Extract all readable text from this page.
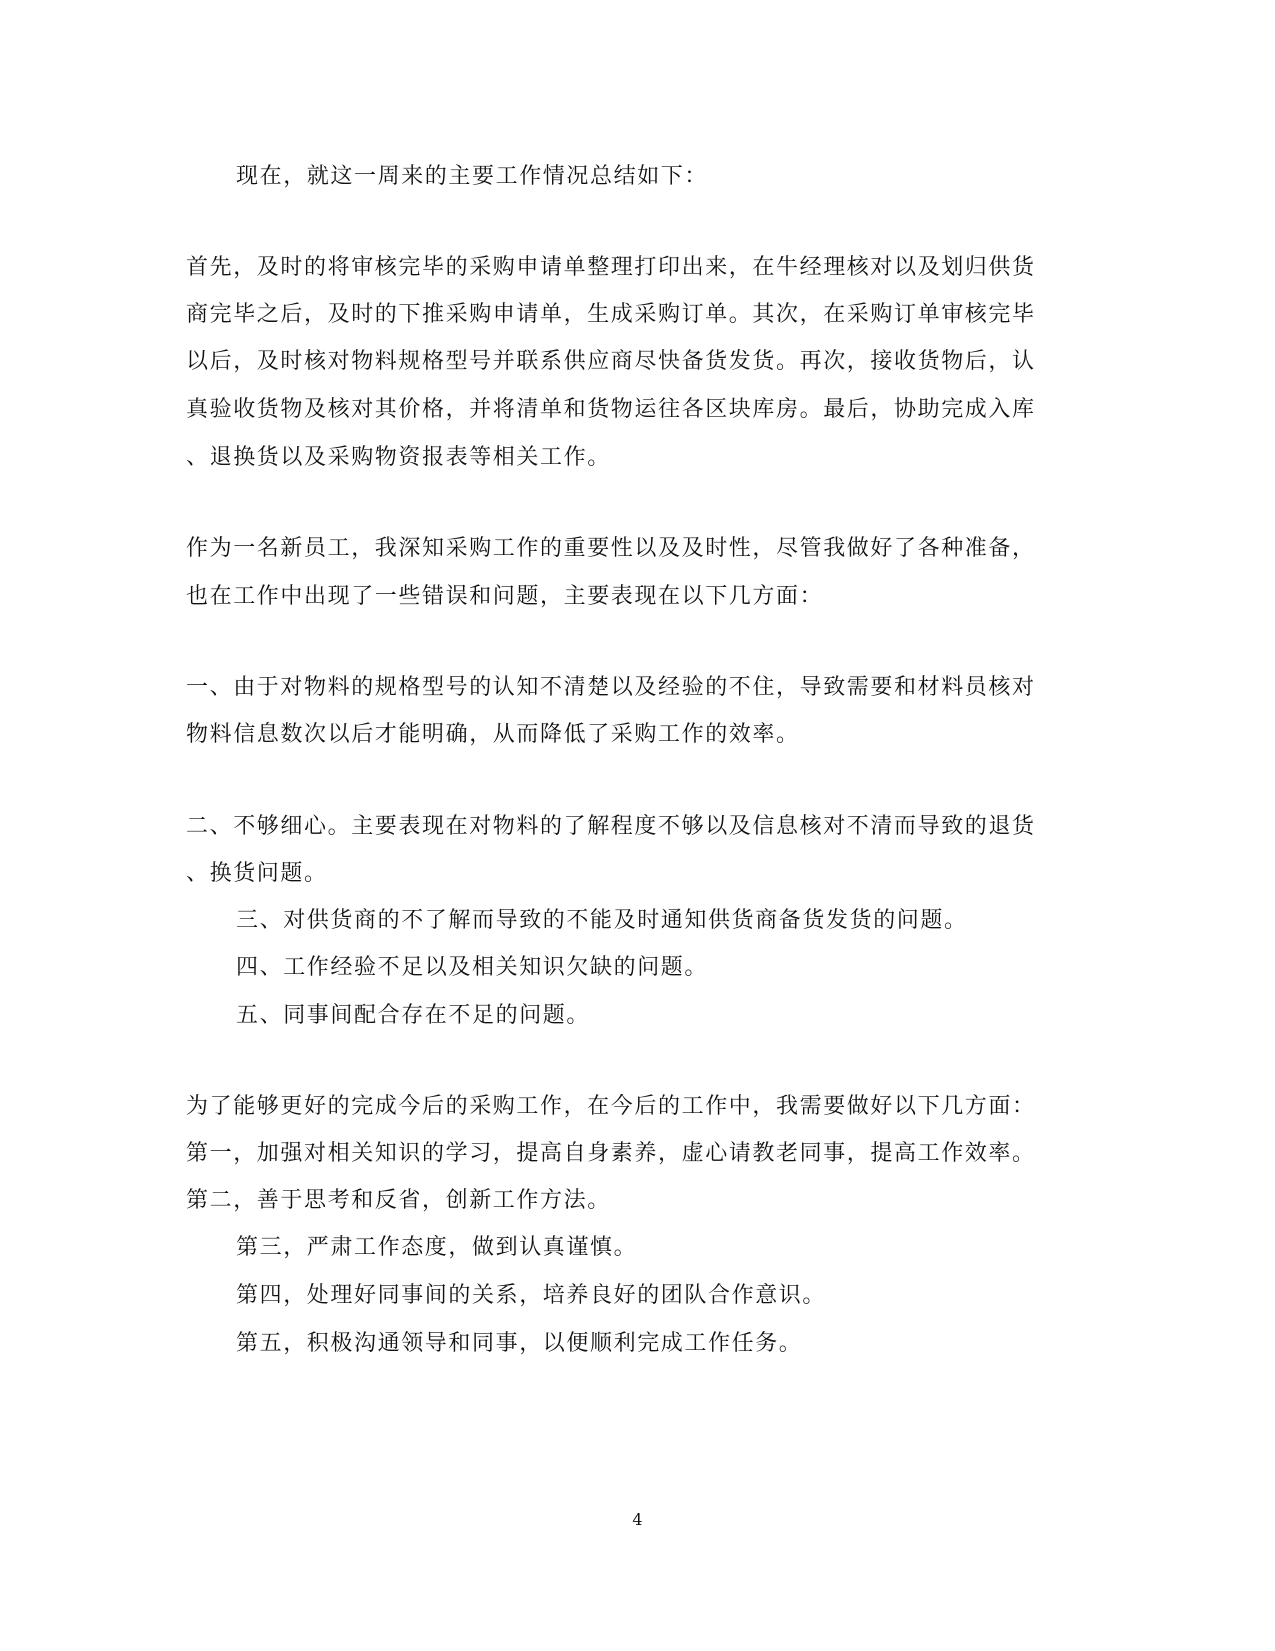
现在，就这一周来的主要工作情况总结如下：
首先，及时的将审核完毕的采购申请单整理打印出来，在牛经理核对以及划归供货
商完毕之后，及时的下推采购申请单，生成采购订单。其次，在采购订单审核完毕
以后，及时核对物料规格型号并联系供应商尽快备货发货。再次，接收货物后，认
真验收货物及核对其价格，并将清单和货物运往各区块库房。最后，协助完成入库
、退换货以及采购物资报表等相关工作。
作为一名新员工，我深知采购工作的重要性以及及时性，尽管我做好了各种准备，
也在工作中出现了一些错误和问题，主要表现在以下几方面：
一、由于对物料的规格型号的认知不清楚以及经验的不住，导致需要和材料员核对
物料信息数次以后才能明确，从而降低了采购工作的效率。
二、不够细心。主要表现在对物料的了解程度不够以及信息核对不清而导致的退货
、换货问题。
三、对供货商的不了解而导致的不能及时通知供货商备货发货的问题。
四、工作经验不足以及相关知识欠缺的问题。
五、同事间配合存在不足的问题。
为了能够更好的完成今后的采购工作，在今后的工作中，我需要做好以下几方面：
第一，加强对相关知识的学习，提高自身素养，虚心请教老同事，提高工作效率。
第二，善于思考和反省，创新工作方法。
第三，严肃工作态度，做到认真谨慎。
第四，处理好同事间的关系，培养良好的团队合作意识。
第五，积极沟通领导和同事，以便顺利完成工作任务。
4
